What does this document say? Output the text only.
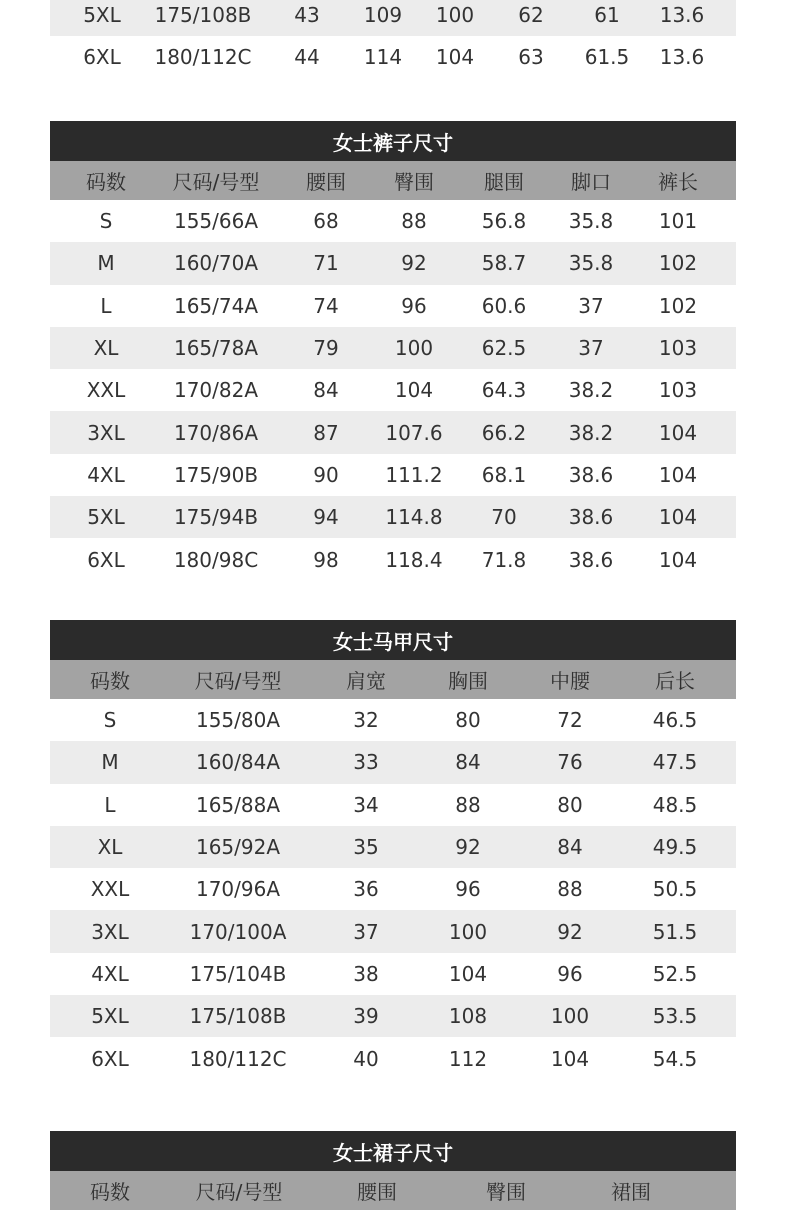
5XL	175/108B	43	109	100	62	61	13.6
6XL	180/112C	44	114	104	63	61.5	13.6
女士裤子尺寸
码数	尺码/号型	腰围	臀围	腿围	脚口	裤长
S	155/66A	68	88	56.8	35.8	101
M	160/70A	71	92	58.7	35.8	102
L	165/74A	74	96	60.6	37	102
XL	165/78A	79	100	62.5	37	103
XXL	170/82A	84	104	64.3	38.2	103
3XL	170/86A	87	107.6	66.2	38.2	104
4XL	175/90B	90	111.2	68.1	38.6	104
5XL	175/94B	94	114.8	70	38.6	104
6XL	180/98C	98	118.4	71.8	38.6	104
女士马甲尺寸
码数	尺码/号型	肩宽	胸围	中腰	后长
S	155/80A	32	80	72	46.5
M	160/84A	33	84	76	47.5
L	165/88A	34	88	80	48.5
XL	165/92A	35	92	84	49.5
XXL	170/96A	36	96	88	50.5
3XL	170/100A	37	100	92	51.5
4XL	175/104B	38	104	96	52.5
5XL	175/108B	39	108	100	53.5
6XL	180/112C	40	112	104	54.5
女士裙子尺寸
码数	尺码/号型	腰围	臀围	裙围
